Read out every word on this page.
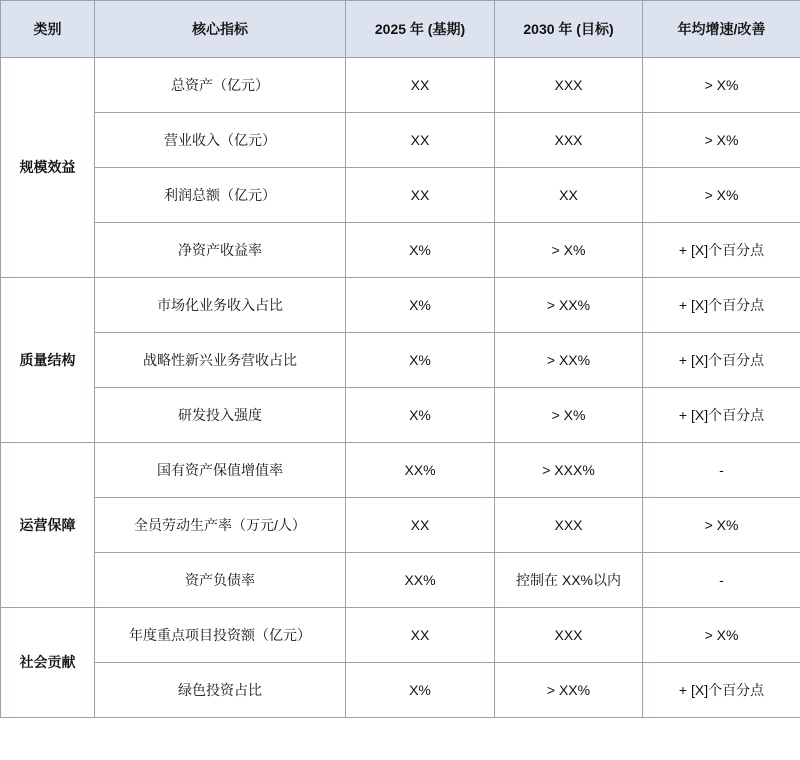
类别	核心指标	2025 年 (基期)	2030 年 (目标)	年均增速/改善
规模效益	总资产（亿元）	XX	XXX	> X%
	营业收入（亿元）	XX	XXX	> X%
	利润总额（亿元）	XX	XX	> X%
	净资产收益率	X%	> X%	+ [X]个百分点
质量结构	市场化业务收入占比	X%	> XX%	+ [X]个百分点
	战略性新兴业务营收占比	X%	> XX%	+ [X]个百分点
	研发投入强度	X%	> X%	+ [X]个百分点
运营保障	国有资产保值增值率	XX%	> XXX%	-
	全员劳动生产率（万元/人）	XX	XXX	> X%
	资产负债率	XX%	控制在 XX%以内	-
社会贡献	年度重点项目投资额（亿元）	XX	XXX	> X%
	绿色投资占比	X%	> XX%	+ [X]个百分点
